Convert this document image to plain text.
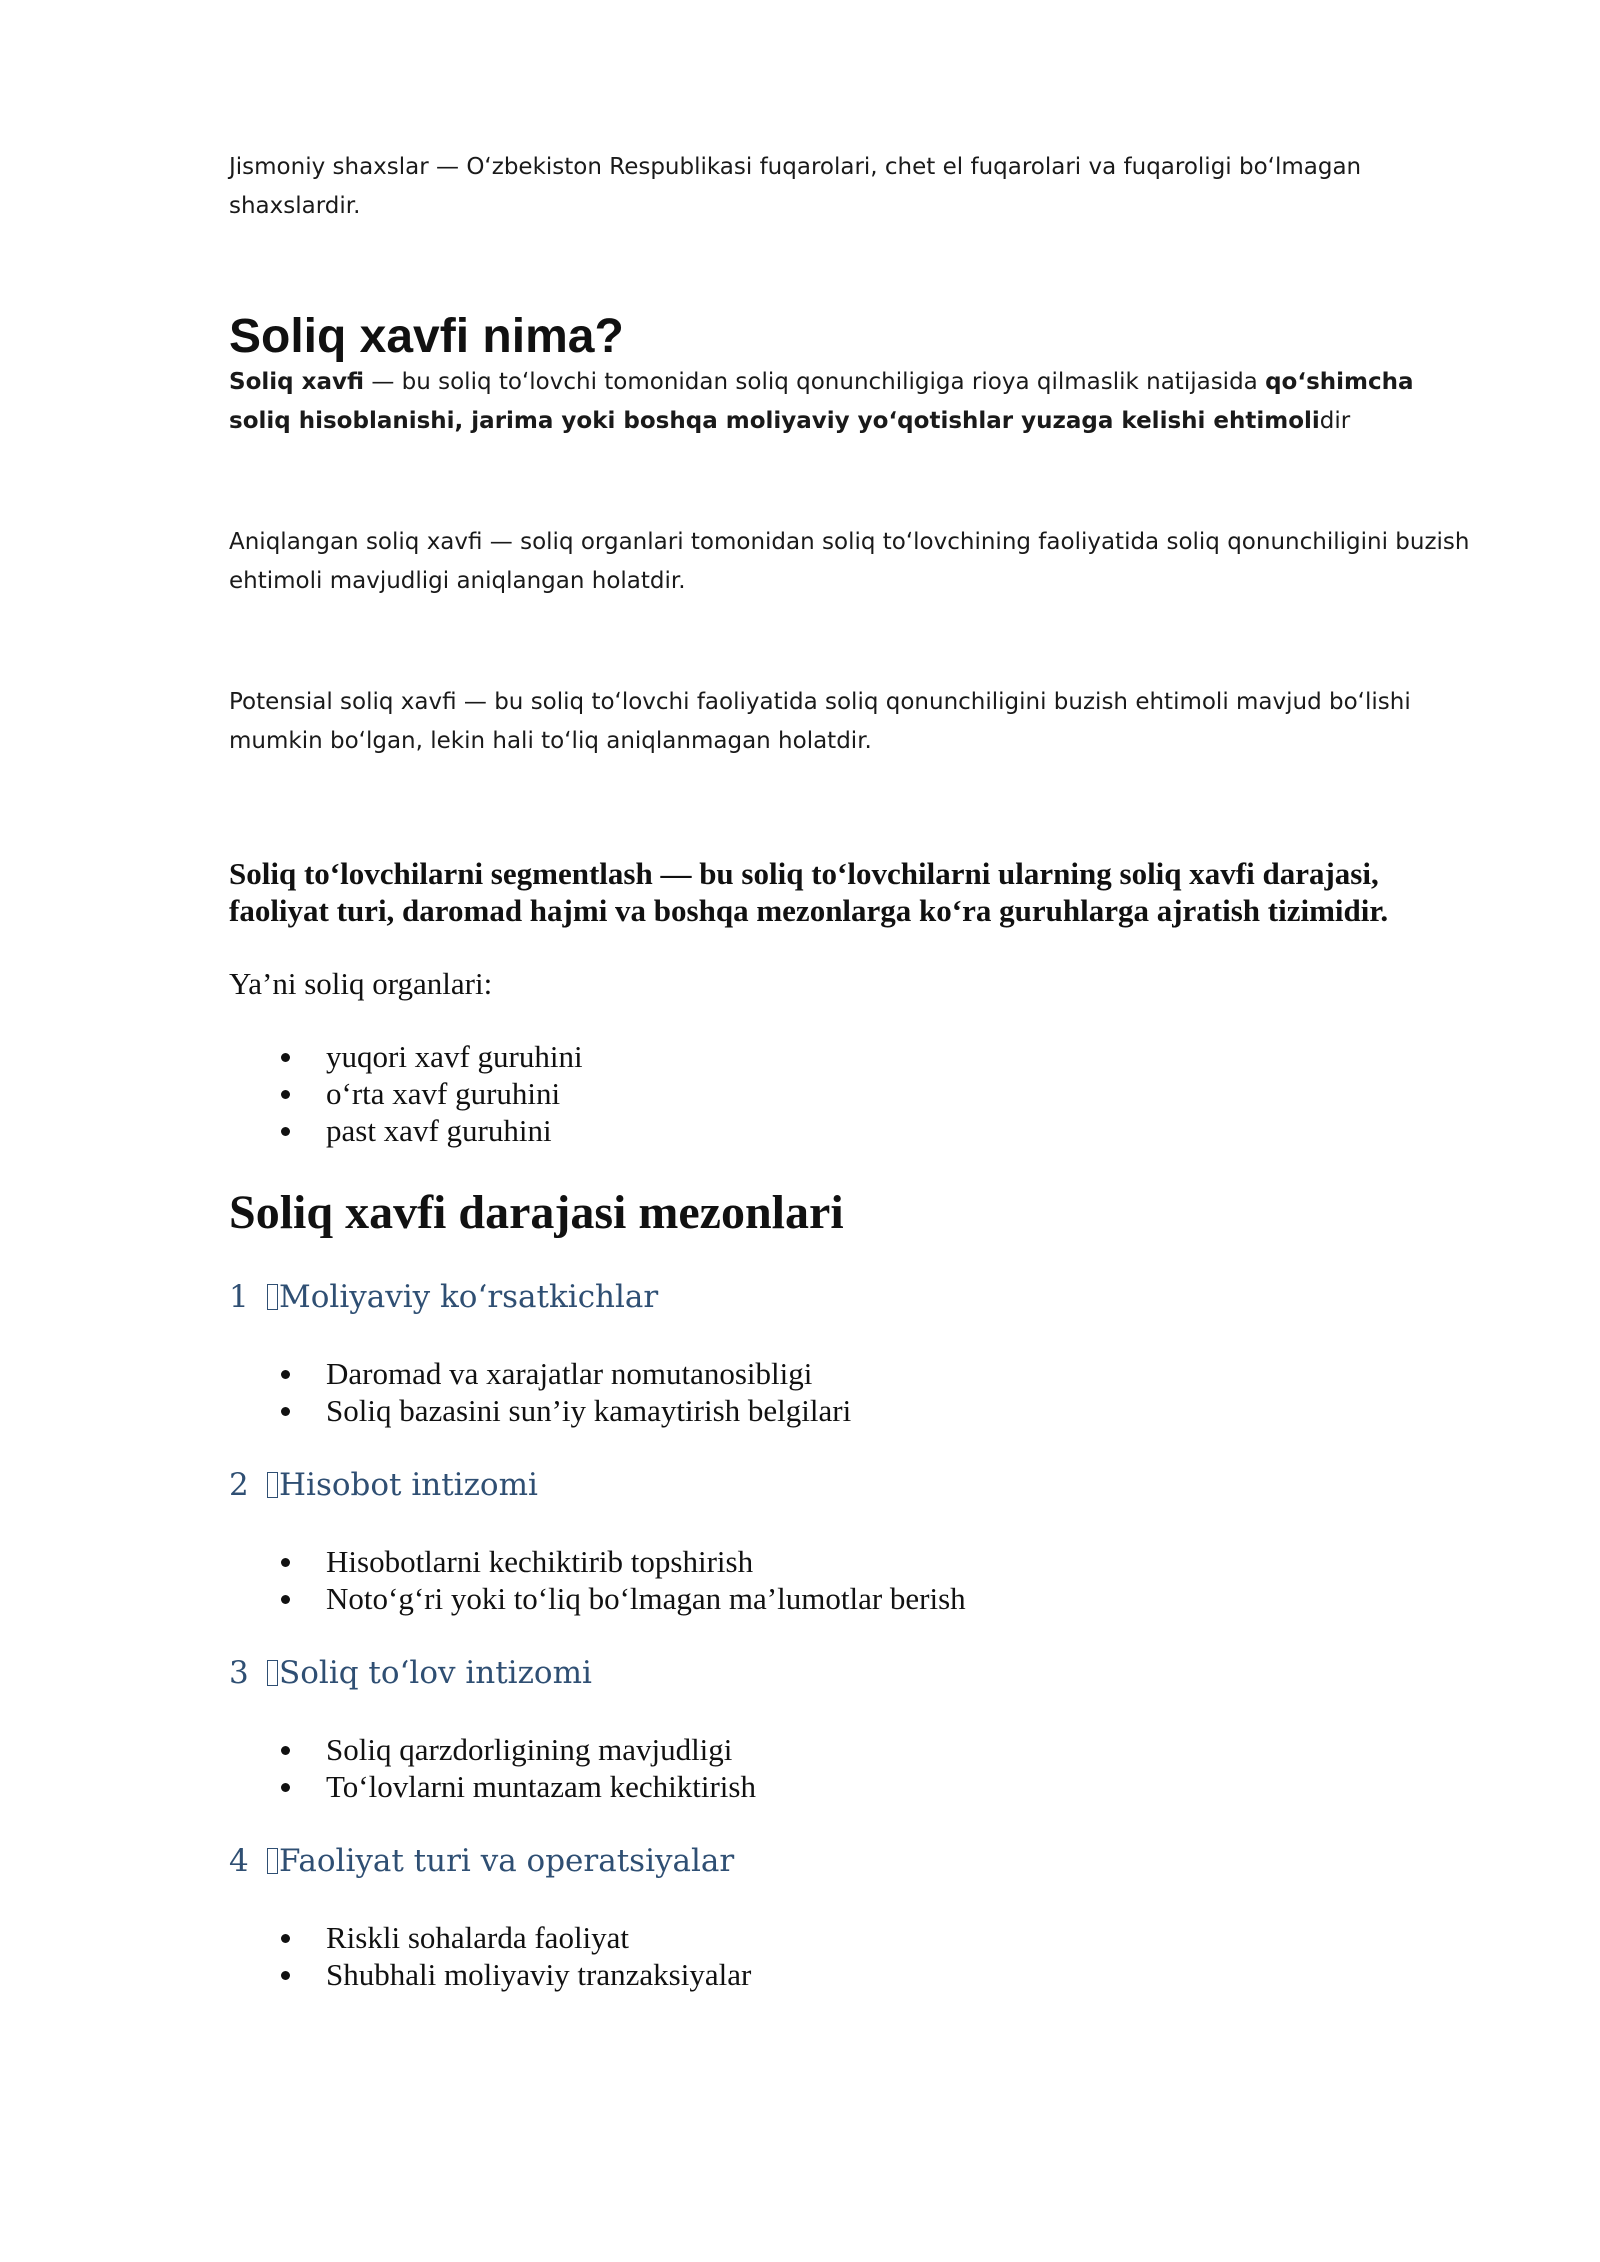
Jismoniy shaxslar — Oʻzbekiston Respublikasi fuqarolari, chet el fuqarolari va fuqaroligi boʻlmagan shaxslardir.

Soliq xavfi nima?

Soliq xavfi — bu soliq toʻlovchi tomonidan soliq qonunchiligiga rioya qilmaslik natijasida qoʻshimcha soliq hisoblanishi, jarima yoki boshqa moliyaviy yoʻqotishlar yuzaga kelishi ehtimolidir

Aniqlangan soliq xavfi — soliq organlari tomonidan soliq toʻlovchining faoliyatida soliq qonunchiligini buzish ehtimoli mavjudligi aniqlangan holatdir.

Potensial soliq xavfi — bu soliq toʻlovchi faoliyatida soliq qonunchiligini buzish ehtimoli mavjud boʻlishi mumkin boʻlgan, lekin hali toʻliq aniqlanmagan holatdir.

Soliq toʻlovchilarni segmentlash — bu soliq toʻlovchilarni ularning soliq xavfi darajasi, faoliyat turi, daromad hajmi va boshqa mezonlarga koʻra guruhlarga ajratish tizimidir.

Ya’ni soliq organlari:

yuqori xavf guruhini
oʻrta xavf guruhini
past xavf guruhini
Soliq xavfi darajasi mezonlari
1 Moliyaviy koʻrsatkichlar
Daromad va xarajatlar nomutanosibligi
Soliq bazasini sun’iy kamaytirish belgilari
2 Hisobot intizomi
Hisobotlarni kechiktirib topshirish
Notoʻgʻri yoki toʻliq boʻlmagan ma’lumotlar berish
3 Soliq toʻlov intizomi
Soliq qarzdorligining mavjudligi
Toʻlovlarni muntazam kechiktirish
4 Faoliyat turi va operatsiyalar
Riskli sohalarda faoliyat
Shubhali moliyaviy tranzaksiyalar
